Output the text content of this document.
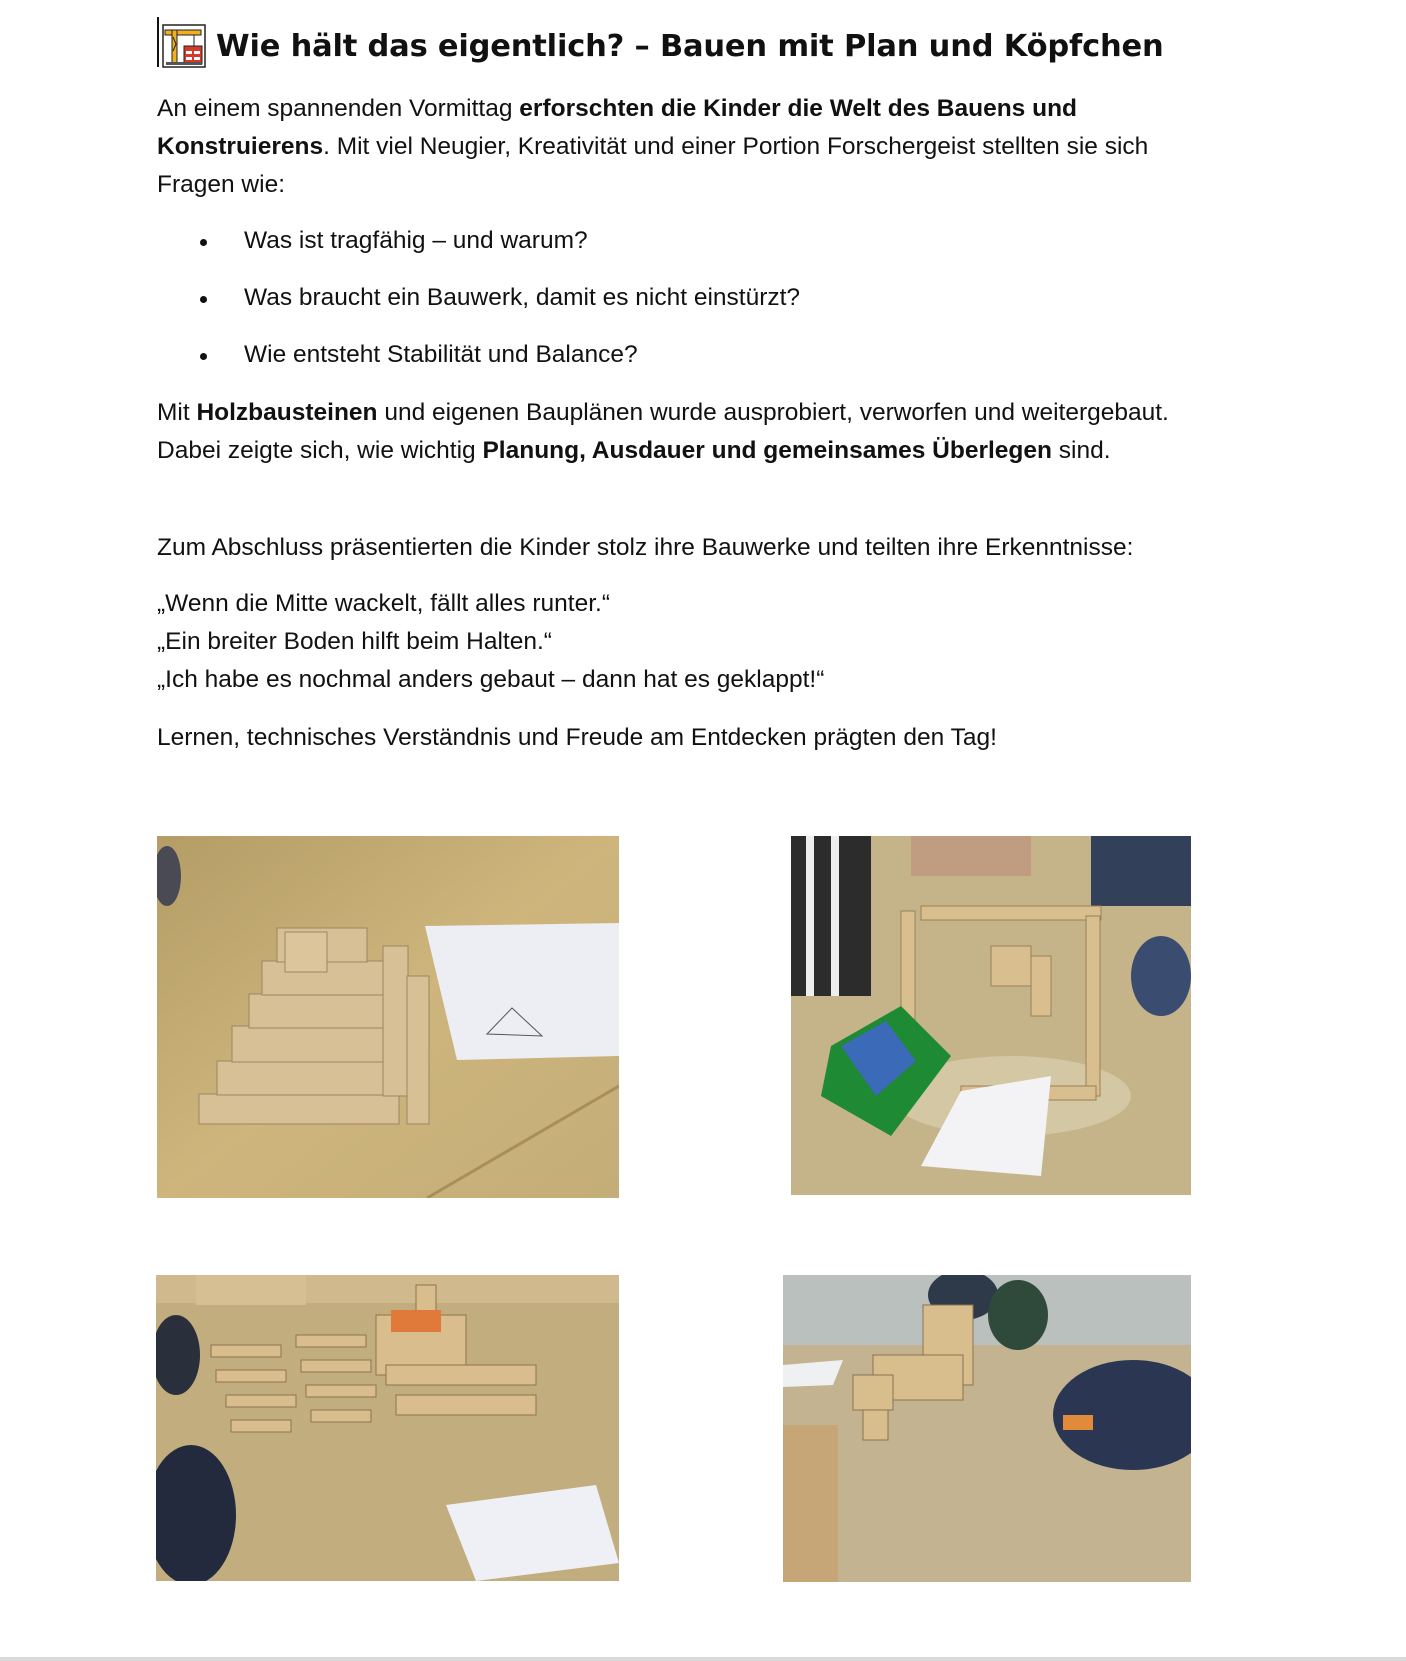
Wie hält das eigentlich? – Bauen mit Plan und Köpfchen

An einem spannenden Vormittag erforschten die Kinder die Welt des Bauens und Konstruierens. Mit viel Neugier, Kreativität und einer Portion Forschergeist stellten sie sich Fragen wie:

Was ist tragfähig – und warum?
Was braucht ein Bauwerk, damit es nicht einstürzt?
Wie entsteht Stabilität und Balance?

Mit Holzbausteinen und eigenen Bauplänen wurde ausprobiert, verworfen und weitergebaut. Dabei zeigte sich, wie wichtig Planung, Ausdauer und gemeinsames Überlegen sind.

Zum Abschluss präsentierten die Kinder stolz ihre Bauwerke und teilten ihre Erkenntnisse:

„Wenn die Mitte wackelt, fällt alles runter.“
„Ein breiter Boden hilft beim Halten.“
„Ich habe es nochmal anders gebaut – dann hat es geklappt!“

Lernen, technisches Verständnis und Freude am Entdecken prägten den Tag!
